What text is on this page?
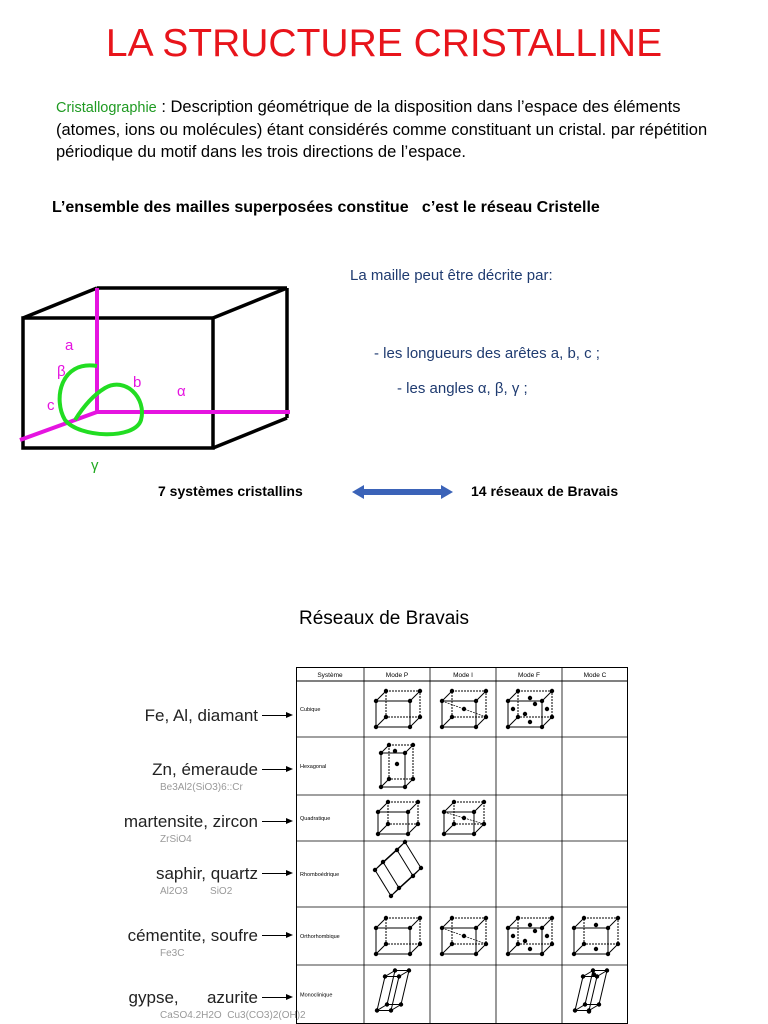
LA STRUCTURE CRISTALLINE
Cristallographie : Description géométrique de la disposition dans l’espace des éléments (atomes, ions ou molécules) étant considérés comme constituant un cristal. par répétition périodique du motif dans les trois directions de l’espace.
L’ensemble des mailles superposées constitue   c’est le réseau Cristelle
a
β
b
α
c
γ
La maille peut être décrite par:
- les longueurs des arêtes a, b, c ;
- les angles α, β, γ ;
7 systèmes cristallins	14 réseaux de Bravais
Réseaux de Bravais
Fe, Al, diamant
Zn, émeraude
Be3Al2(SiO3)6::Cr
martensite, zircon
ZrSiO4
saphir, quartz
Al2O3        SiO2
cémentite, soufre
Fe3C
gypse,      azurite
CaSO4.2H2O  Cu3(CO3)2(OH)2
Système	Mode P	Mode I	Mode F	Mode C
Cubique
Hexagonal
Quadratique
Rhomboédrique
Orthorhombique
Monoclinique
